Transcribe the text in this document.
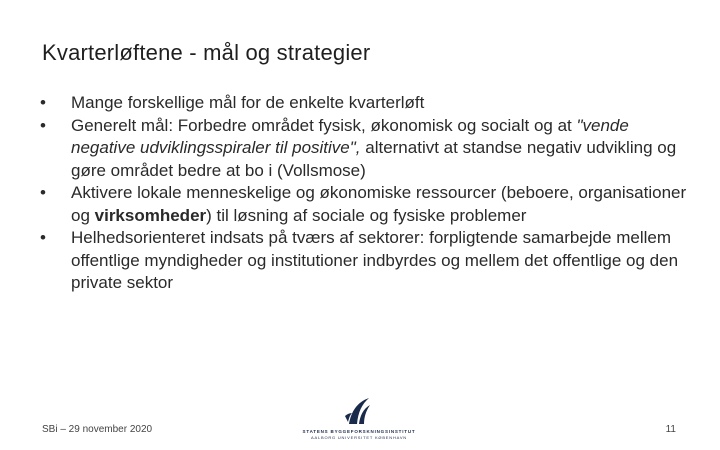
Kvarterløftene - mål og strategier
•	Mange forskellige mål for de enkelte kvarterløft
•	Generelt mål: Forbedre området fysisk, økonomisk og socialt og at "vende negative udviklingsspiraler til positive", alternativt at standse negativ udvikling og gøre området bedre at bo i (Vollsmose)
•	Aktivere lokale menneskelige og økonomiske ressourcer (beboere, organisationer og virksomheder) til løsning af sociale og fysiske problemer
•	Helhedsorienteret indsats på tværs af sektorer: forpligtende samarbejde mellem offentlige myndigheder og institutioner indbyrdes og mellem det offentlige og den private sektor
SBi – 29 november 2020	STATENS BYGGEFORSKNINGSINSTITUT
AALBORG UNIVERSITET KØBENHAVN
11
